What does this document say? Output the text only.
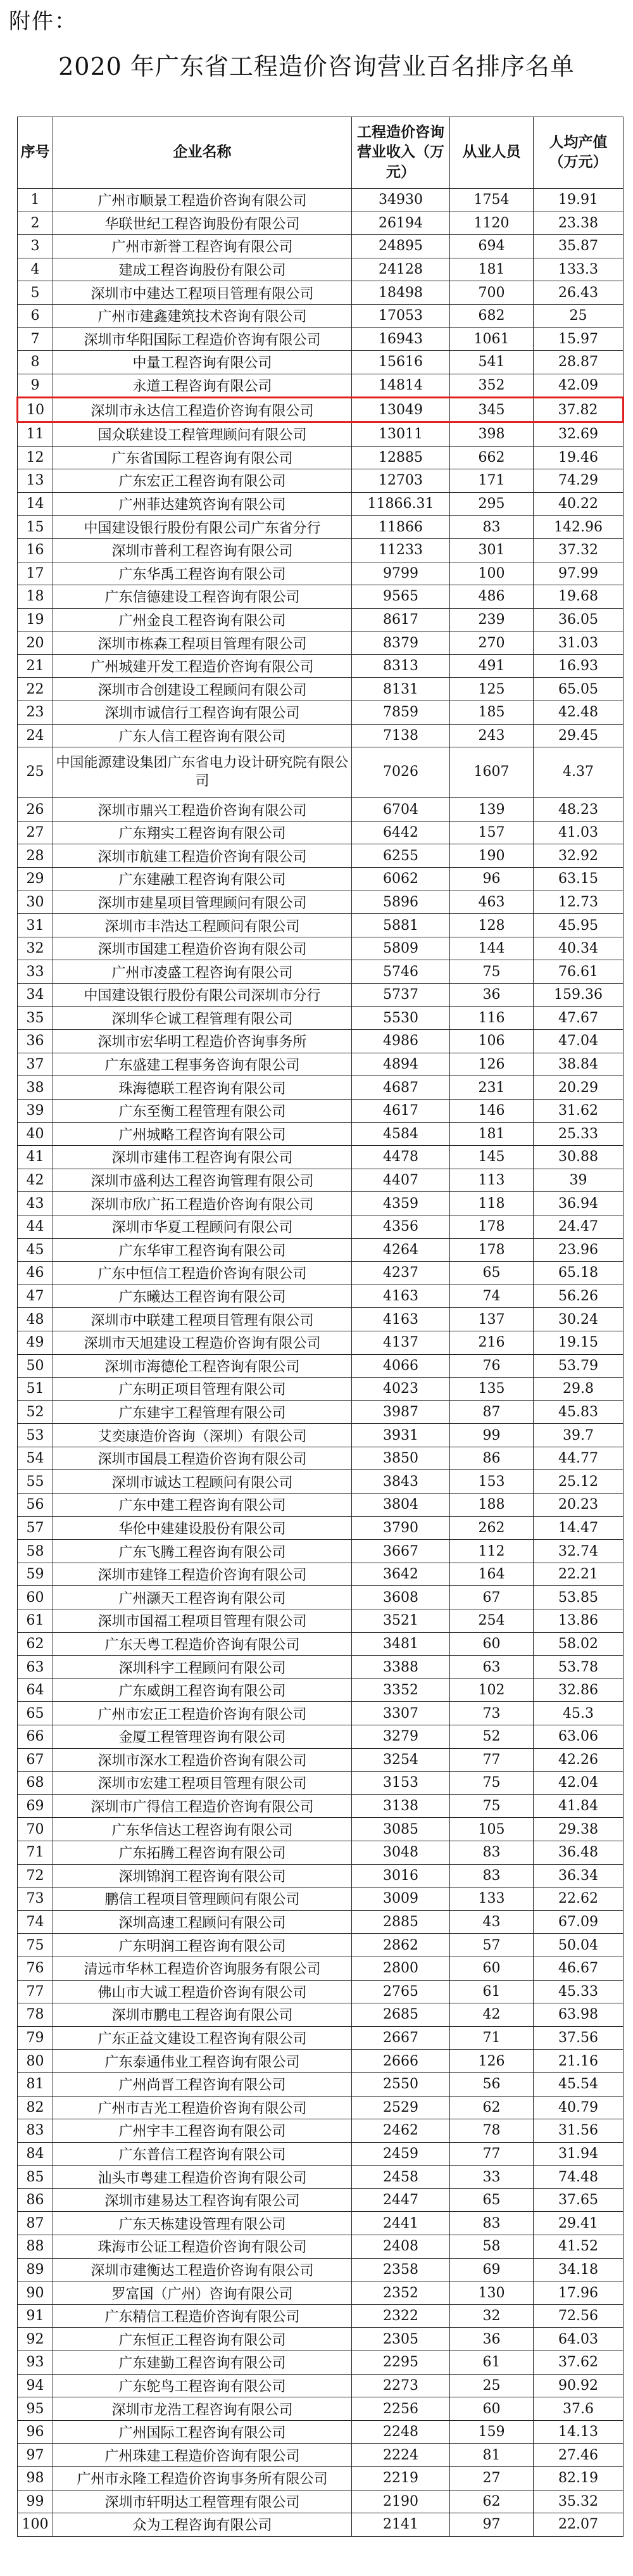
附件：
2020 年广东省工程造价咨询营业百名排序名单
序号	企业名称	工程造价咨询营业收入（万元）	从业人员	人均产值（万元）
1	广州市顺景工程造价咨询有限公司	34930	1754	19.91
2	华联世纪工程咨询股份有限公司	26194	1120	23.38
3	广州市新誉工程咨询有限公司	24895	694	35.87
4	建成工程咨询股份有限公司	24128	181	133.3
5	深圳市中建达工程项目管理有限公司	18498	700	26.43
6	广州市建鑫建筑技术咨询有限公司	17053	682	25
7	深圳市华阳国际工程造价咨询有限公司	16943	1061	15.97
8	中量工程咨询有限公司	15616	541	28.87
9	永道工程咨询有限公司	14814	352	42.09
10	深圳市永达信工程造价咨询有限公司	13049	345	37.82
11	国众联建设工程管理顾问有限公司	13011	398	32.69
12	广东省国际工程咨询有限公司	12885	662	19.46
13	广东宏正工程咨询有限公司	12703	171	74.29
14	广州菲达建筑咨询有限公司	11866.31	295	40.22
15	中国建设银行股份有限公司广东省分行	11866	83	142.96
16	深圳市普利工程咨询有限公司	11233	301	37.32
17	广东华禹工程咨询有限公司	9799	100	97.99
18	广东信德建设工程咨询有限公司	9565	486	19.68
19	广州金良工程咨询有限公司	8617	239	36.05
20	深圳市栋森工程项目管理有限公司	8379	270	31.03
21	广州城建开发工程造价咨询有限公司	8313	491	16.93
22	深圳市合创建设工程顾问有限公司	8131	125	65.05
23	深圳市诚信行工程咨询有限公司	7859	185	42.48
24	广东人信工程咨询有限公司	7138	243	29.45
25	中国能源建设集团广东省电力设计研究院有限公司	7026	1607	4.37
26	深圳市鼎兴工程造价咨询有限公司	6704	139	48.23
27	广东翔实工程咨询有限公司	6442	157	41.03
28	深圳市航建工程造价咨询有限公司	6255	190	32.92
29	广东建融工程咨询有限公司	6062	96	63.15
30	深圳市建星项目管理顾问有限公司	5896	463	12.73
31	深圳市丰浩达工程顾问有限公司	5881	128	45.95
32	深圳市国建工程造价咨询有限公司	5809	144	40.34
33	广州市凌盛工程咨询有限公司	5746	75	76.61
34	中国建设银行股份有限公司深圳市分行	5737	36	159.36
35	深圳华仑诚工程管理有限公司	5530	116	47.67
36	深圳市宏华明工程造价咨询事务所	4986	106	47.04
37	广东盛建工程事务咨询有限公司	4894	126	38.84
38	珠海德联工程咨询有限公司	4687	231	20.29
39	广东至衡工程管理有限公司	4617	146	31.62
40	广州城略工程咨询有限公司	4584	181	25.33
41	深圳市建伟工程咨询有限公司	4478	145	30.88
42	深圳市盛利达工程咨询管理有限公司	4407	113	39
43	深圳市欣广拓工程造价咨询有限公司	4359	118	36.94
44	深圳市华夏工程顾问有限公司	4356	178	24.47
45	广东华审工程咨询有限公司	4264	178	23.96
46	广东中恒信工程造价咨询有限公司	4237	65	65.18
47	广东曦达工程咨询有限公司	4163	74	56.26
48	深圳市中联建工程项目管理有限公司	4163	137	30.24
49	深圳市天旭建设工程造价咨询有限公司	4137	216	19.15
50	深圳市海德伦工程咨询有限公司	4066	76	53.79
51	广东明正项目管理有限公司	4023	135	29.8
52	广东建宇工程管理有限公司	3987	87	45.83
53	艾奕康造价咨询（深圳）有限公司	3931	99	39.7
54	深圳市国晨工程造价咨询有限公司	3850	86	44.77
55	深圳市诚达工程顾问有限公司	3843	153	25.12
56	广东中建工程咨询有限公司	3804	188	20.23
57	华伦中建建设股份有限公司	3790	262	14.47
58	广东飞腾工程咨询有限公司	3667	112	32.74
59	深圳市建锋工程造价咨询有限公司	3642	164	22.21
60	广州灏天工程咨询有限公司	3608	67	53.85
61	深圳市国福工程项目管理有限公司	3521	254	13.86
62	广东天粤工程造价咨询有限公司	3481	60	58.02
63	深圳科宇工程顾问有限公司	3388	63	53.78
64	广东威朗工程咨询有限公司	3352	102	32.86
65	广州市宏正工程造价咨询有限公司	3307	73	45.3
66	金厦工程管理咨询有限公司	3279	52	63.06
67	深圳市深水工程造价咨询有限公司	3254	77	42.26
68	深圳市宏建工程项目管理有限公司	3153	75	42.04
69	深圳市广得信工程造价咨询有限公司	3138	75	41.84
70	广东华信达工程咨询有限公司	3085	105	29.38
71	广东拓腾工程咨询有限公司	3048	83	36.48
72	深圳锦润工程咨询有限公司	3016	83	36.34
73	鹏信工程项目管理顾问有限公司	3009	133	22.62
74	深圳高速工程顾问有限公司	2885	43	67.09
75	广东明润工程咨询有限公司	2862	57	50.04
76	清远市华林工程造价咨询服务有限公司	2800	60	46.67
77	佛山市大诚工程造价咨询有限公司	2765	61	45.33
78	深圳市鹏电工程咨询有限公司	2685	42	63.98
79	广东正益文建设工程咨询有限公司	2667	71	37.56
80	广东泰通伟业工程咨询有限公司	2666	126	21.16
81	广州尚晋工程咨询有限公司	2550	56	45.54
82	广州市吉光工程造价咨询有限公司	2529	62	40.79
83	广州宇丰工程咨询有限公司	2462	78	31.56
84	广东普信工程咨询有限公司	2459	77	31.94
85	汕头市粤建工程造价咨询有限公司	2458	33	74.48
86	深圳市建易达工程咨询有限公司	2447	65	37.65
87	广东天栋建设管理有限公司	2441	83	29.41
88	珠海市公证工程造价咨询有限公司	2408	58	41.52
89	深圳市建衡达工程造价咨询有限公司	2358	69	34.18
90	罗富国（广州）咨询有限公司	2352	130	17.96
91	广东精信工程造价咨询有限公司	2322	32	72.56
92	广东恒正工程咨询有限公司	2305	36	64.03
93	广东建勤工程咨询有限公司	2295	61	37.62
94	广东鸵鸟工程咨询有限公司	2273	25	90.92
95	深圳市龙浩工程咨询有限公司	2256	60	37.6
96	广州国际工程咨询有限公司	2248	159	14.13
97	广州珠建工程造价咨询有限公司	2224	81	27.46
98	广州市永隆工程造价咨询事务所有限公司	2219	27	82.19
99	深圳市轩明达工程管理有限公司	2190	62	35.32
100	众为工程咨询有限公司	2141	97	22.07
